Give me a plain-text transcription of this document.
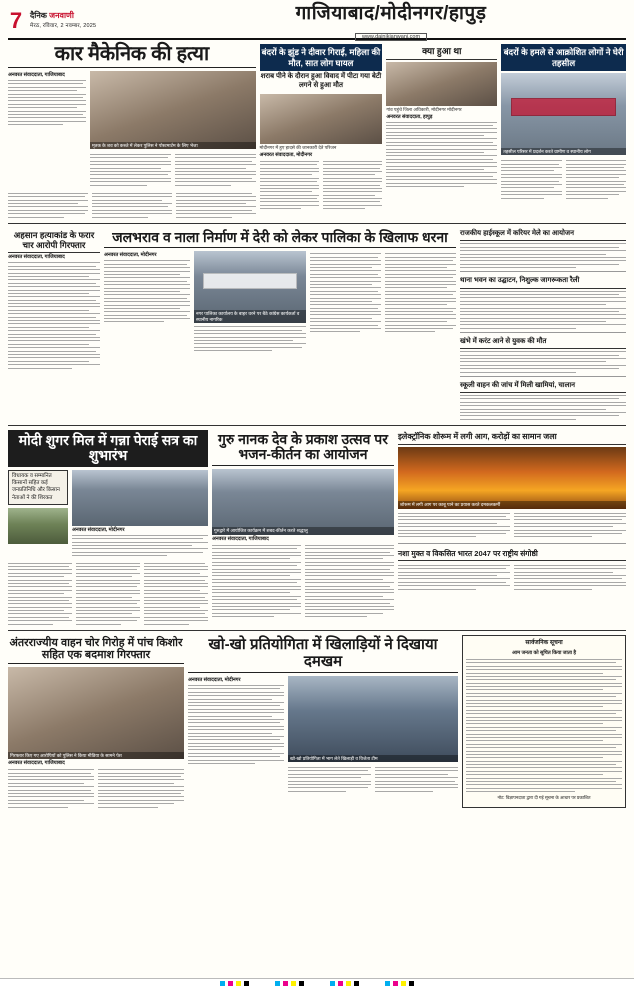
7 दैनिक जनवाणी
मेरठ, रविवार, 2 नवम्बर, 2025
गाजियाबाद/मोदीनगर/हापुड़
www.dainikjanwani.com
कार मैकेनिक की हत्या
अनवरत संवाददाता, गाजियाबाद
मृतक के शव को कब्जे में लेकर पुलिस ने पोस्टमार्टम के लिए भेजा
बंदरों के झुंड ने दीवार गिराई, महिला की मौत, सात लोग घायल
शराब पीने के दौरान हुआ विवाद में पीटा गया बेटी लगने से हुआ मौत
मोदीनगर में हुए हादसे की जानकारी देते परिजन
अनवरत संवाददाता, मोदीनगर
क्या हुआ था
गांव पहुंचे जिला अधिकारी, मोदीनगर मोदीनगर
अनवरत संवाददाता, हापुड़
बंदरों के हमले से आक्रोशित लोगों ने घेरी तहसील
तहसील परिसर में प्रदर्शन करते ग्रामीण व स्थानीय लोग
अहसान हत्याकांड के फरार चार आरोपी गिरफ्तार
अनवरत संवाददाता, गाजियाबाद
जलभराव व नाला निर्माण में देरी को लेकर पालिका के खिलाफ धरना
अनवरत संवाददाता, मोदीनगर
नगर पालिका कार्यालय के बाहर धरने पर बैठे कांग्रेस कार्यकर्ता व स्थानीय नागरिक
राजकीय हाईस्कूल में करियर मेले का आयोजन
थाना भवन का उद्घाटन, निशुल्क जागरूकता रैली
खंभे में करंट आने से युवक की मौत
स्कूली वाहन की जांच में मिली खामियां, चालान
मोदी शुगर मिल में गन्ना पेराई सत्र का शुभारंभ
विधायक व सम्मानित किसानों सहित कई जनप्रतिनिधि और किसान नेताओं ने की शिरकत
अनवरत संवाददाता, मोदीनगर
गुरु नानक देव के प्रकाश उत्सव पर भजन-कीर्तन का आयोजन
गुरुद्वारे में आयोजित कार्यक्रम में शबद-कीर्तन करते श्रद्धालु
अनवरत संवाददाता, गाजियाबाद
इलेक्ट्रॉनिक शोरूम में लगी आग, करोड़ों का सामान जला
शोरूम में लगी आग पर काबू पाने का प्रयास करते दमकलकर्मी
नशा मुक्त व विकसित भारत 2047 पर राष्ट्रीय संगोष्ठी
अंतरराज्यीय वाहन चोर गिरोह में पांच किशोर सहित एक बदमाश गिरफ्तार
गिरफ्तार किए गए आरोपियों को पुलिस ने किया मीडिया के सामने पेश
अनवरत संवाददाता, गाजियाबाद
खो-खो प्रतियोगिता में खिलाड़ियों ने दिखाया दमखम
अनवरत संवाददाता, मोदीनगर
खो-खो प्रतियोगिता में भाग लेते खिलाड़ी व विजेता टीम
सार्वजनिक सूचना
आम जनता को सूचित किया जाता है
नोट: विज्ञापनदाता द्वारा दी गई सूचना के आधार पर प्रकाशित
